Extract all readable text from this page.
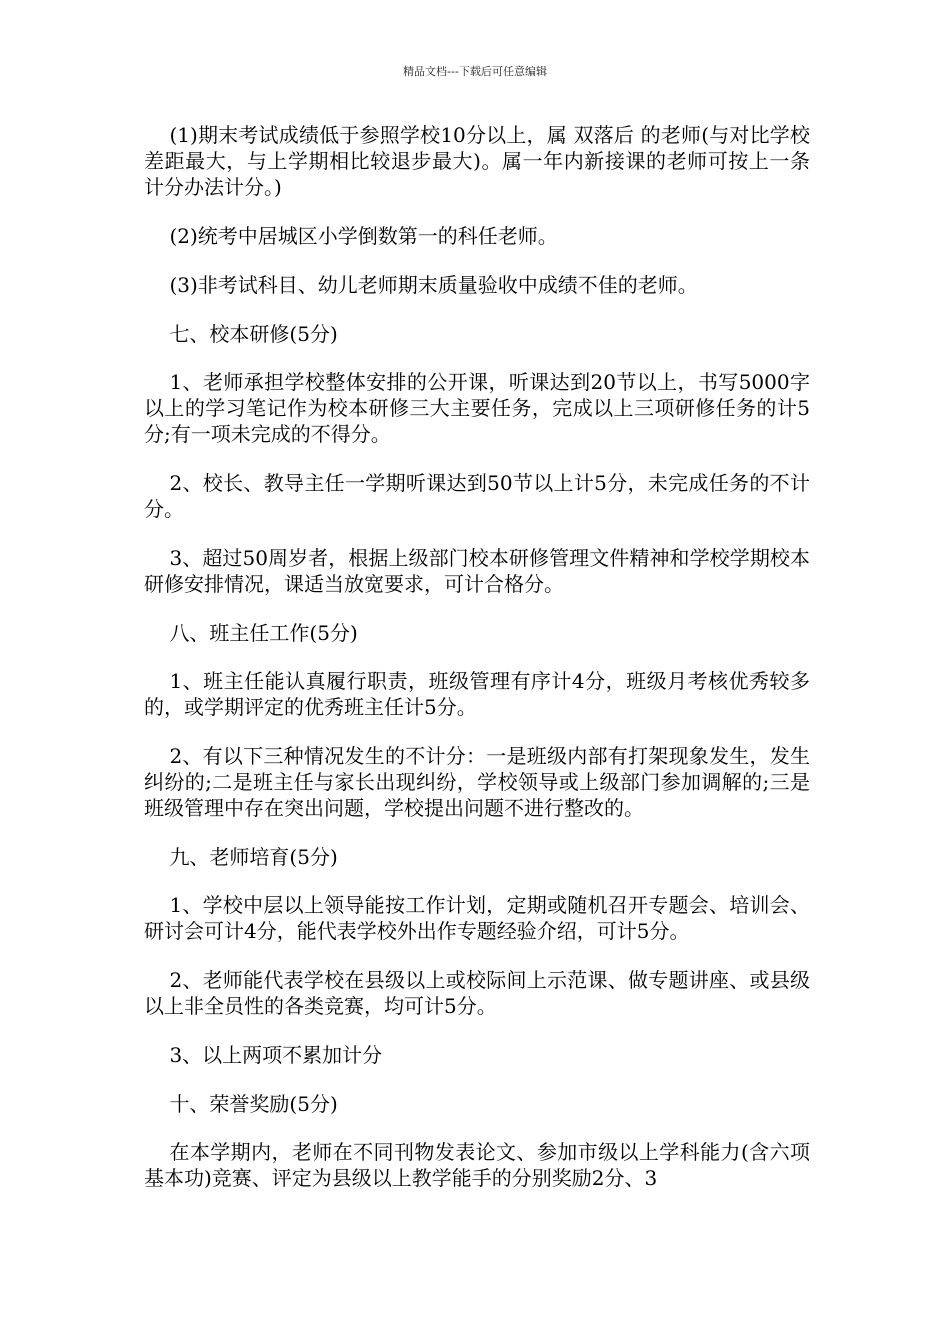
精品文档---下载后可任意编辑

(1)期末考试成绩低于参照学校10分以上，属 双落后 的老师(与对比学校差距最大，与上学期相比较退步最大)。属一年内新接课的老师可按上一条计分办法计分。)

(2)统考中居城区小学倒数第一的科任老师。

(3)非考试科目、幼儿老师期末质量验收中成绩不佳的老师。

七、校本研修(5分)

1、老师承担学校整体安排的公开课，听课达到20节以上，书写5000字以上的学习笔记作为校本研修三大主要任务，完成以上三项研修任务的计5分;有一项未完成的不得分。

2、校长、教导主任一学期听课达到50节以上计5分，未完成任务的不计分。

3、超过50周岁者，根据上级部门校本研修管理文件精神和学校学期校本研修安排情况，课适当放宽要求，可计合格分。

八、班主任工作(5分)

1、班主任能认真履行职责，班级管理有序计4分，班级月考核优秀较多的，或学期评定的优秀班主任计5分。

2、有以下三种情况发生的不计分：一是班级内部有打架现象发生，发生纠纷的;二是班主任与家长出现纠纷，学校领导或上级部门参加调解的;三是班级管理中存在突出问题，学校提出问题不进行整改的。

九、老师培育(5分)

1、学校中层以上领导能按工作计划，定期或随机召开专题会、培训会、研讨会可计4分，能代表学校外出作专题经验介绍，可计5分。

2、老师能代表学校在县级以上或校际间上示范课、做专题讲座、或县级以上非全员性的各类竞赛，均可计5分。

3、以上两项不累加计分

十、荣誉奖励(5分)

在本学期内，老师在不同刊物发表论文、参加市级以上学科能力(含六项基本功)竞赛、评定为县级以上教学能手的分别奖励2分、3
